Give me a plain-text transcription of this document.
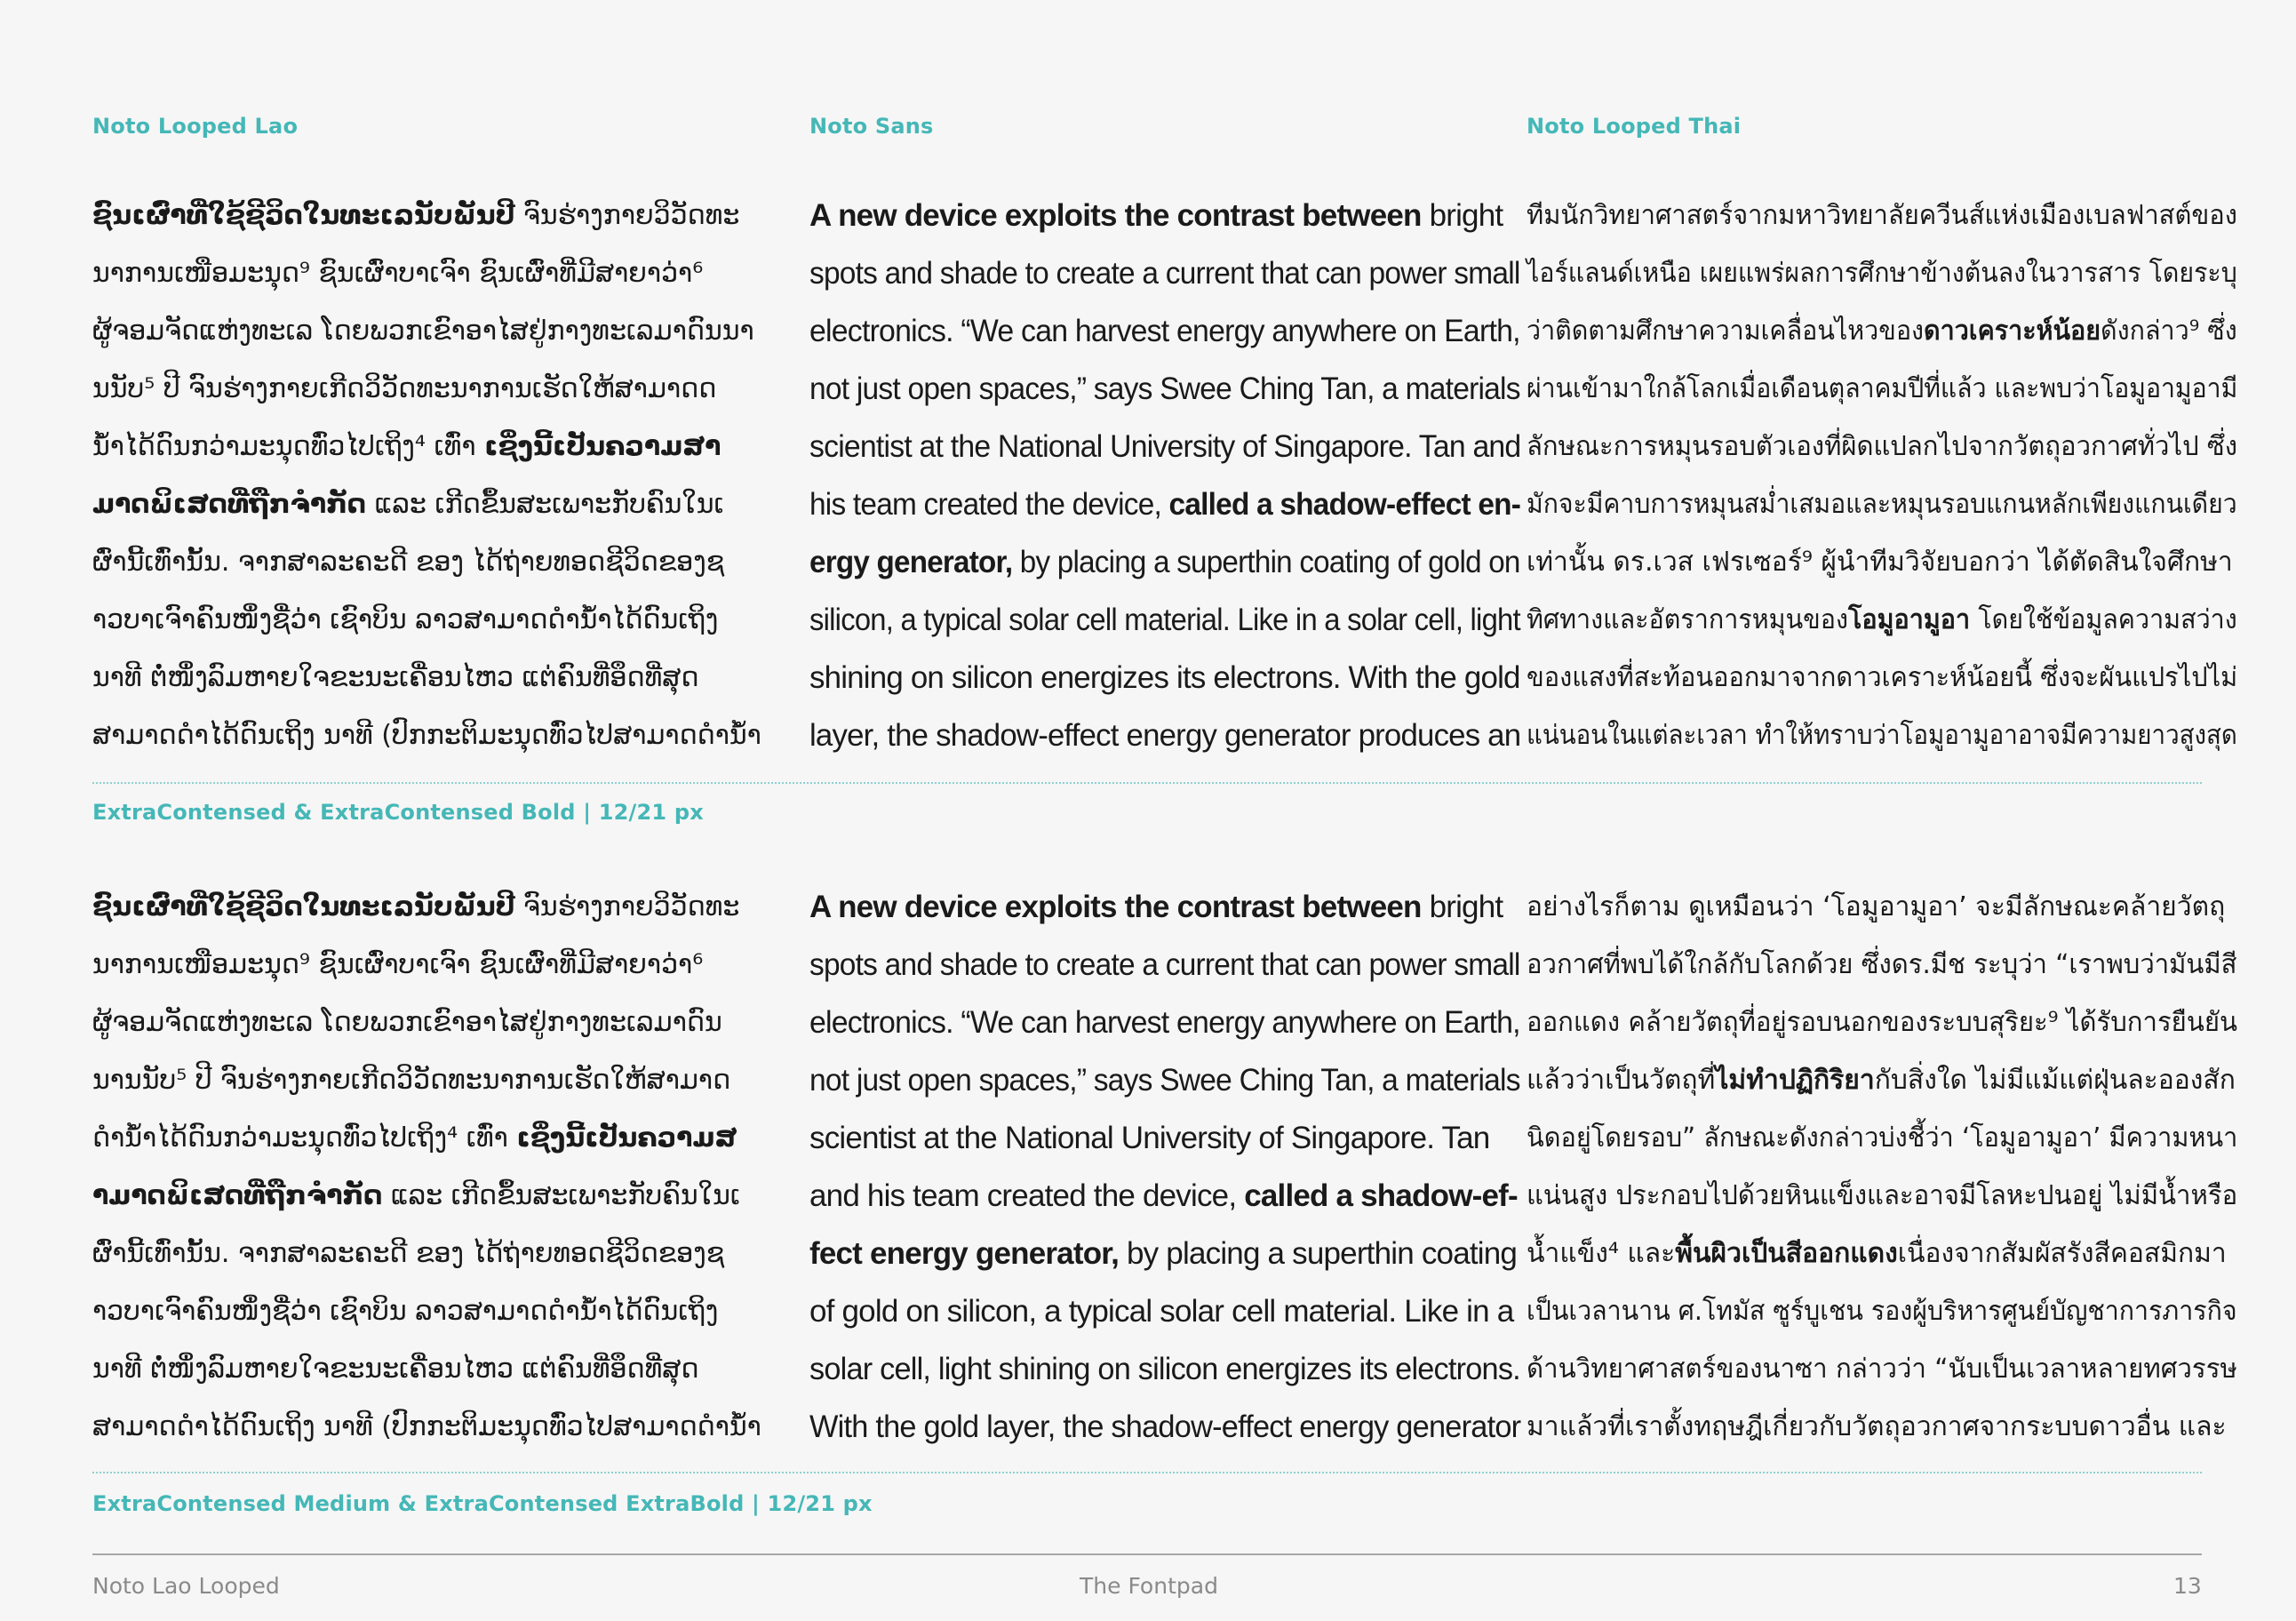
Noto Looped Lao	Noto Sans	Noto Looped Thai
ຊົນເຜົ່າທີ່ໃຊ້ຊີວິດໃນທະເລນັບພັນປີ ຈົນຮ່າງກາຍວິວັດທະ
ນາການເໜືອມະນຸດ⁹ ຊົນເຜົ່າບາເຈົາ ຊົນເຜົ່າທີ່ມີສາຍາວ່າ⁶
ຜູ້ຈອມຈັດແຫ່ງທະເລ ໂດຍພວກເຂົາອາໄສຢູ່ກາງທະເລມາດົນນາ
ນນັບ⁵ ປີ ຈົນຮ່າງກາຍເກີດວິວັດທະນາການເຮັດໃຫ້ສາມາດດ
ນໍ້າໄດ້ດົນກວ່າມະນຸດທົ່ວໄປເຖິງ⁴ ເທົ່າ ເຊິ່ງນີ້ເປັນຄວາມສາ
ມາດພິເສດທີ່ຖືກຈຳກັດ ແລະ ເກີດຂຶ້ນສະເພາະກັບຄົນໃນເ
ຜົ່ານີ້ເທົ່ານັ້ນ. ຈາກສາລະຄະດີ ຂອງ ໄດ້ຖ່າຍທອດຊີວິດຂອງຊ
າວບາເຈົາຄົນໜຶ່ງຊື່ວ່າ ເຊົາບິນ ລາວສາມາດດຳນໍ້າໄດ້ດົນເຖິງ
ນາທີ ຕໍ່ໜຶ່ງລົມຫາຍໃຈຂະນະເຄື່ອນໄຫວ ແຕ່ຄົນທີ່ອຶດທີ່ສຸດ
ສາມາດດຳໄດ້ດົນເຖິງ ນາທີ (ປົກກະຕິມະນຸດທົ່ວໄປສາມາດດຳນໍ້າ
A new device exploits the contrast between bright
spots and shade to create a current that can power small
electronics. “We can harvest energy anywhere on Earth,
not just open spaces,” says Swee Ching Tan, a materials
scientist at the National University of Singapore. Tan and
his team created the device, called a shadow-effect en-
ergy generator, by placing a superthin coating of gold on
silicon, a typical solar cell material. Like in a solar cell, light
shining on silicon energizes its electrons. With the gold
layer, the shadow-effect energy generator produces an
ทีมนักวิทยาศาสตร์จากมหาวิทยาลัยควีนส์แห่งเมืองเบลฟาสต์ของ
ไอร์แลนด์เหนือ เผยแพร่ผลการศึกษาข้างต้นลงในวารสาร โดยระบุ
ว่าติดตามศึกษาความเคลื่อนไหวของดาวเคราะห์น้อยดังกล่าว⁹ ซึ่ง
ผ่านเข้ามาใกล้โลกเมื่อเดือนตุลาคมปีที่แล้ว และพบว่าโอมูอามูอามี
ลักษณะการหมุนรอบตัวเองที่ผิดแปลกไปจากวัตถุอวกาศทั่วไป ซึ่ง
มักจะมีคาบการหมุนสม่ำเสมอและหมุนรอบแกนหลักเพียงแกนเดียว
เท่านั้น ดร.เวส เฟรเซอร์⁹ ผู้นำทีมวิจัยบอกว่า ได้ตัดสินใจศึกษา
ทิศทางและอัตราการหมุนของโอมูอามูอา โดยใช้ข้อมูลความสว่าง
ของแสงที่สะท้อนออกมาจากดาวเคราะห์น้อยนี้ ซึ่งจะผันแปรไปไม่
แน่นอนในแต่ละเวลา ทำให้ทราบว่าโอมูอามูอาอาจมีความยาวสูงสุด
ExtraContensed & ExtraContensed Bold | 12/21 px
ຊົນເຜົ່າທີ່ໃຊ້ຊີວິດໃນທະເລນັບພັນປີ ຈົນຮ່າງກາຍວິວັດທະ
ນາການເໜືອມະນຸດ⁹ ຊົນເຜົ່າບາເຈົາ ຊົນເຜົ່າທີ່ມີສາຍາວ່າ⁶
ຜູ້ຈອມຈັດແຫ່ງທະເລ ໂດຍພວກເຂົາອາໄສຢູ່ກາງທະເລມາດົນ
ນານນັບ⁵ ປີ ຈົນຮ່າງກາຍເກີດວິວັດທະນາການເຮັດໃຫ້ສາມາດ
ດຳນໍ້າໄດ້ດົນກວ່າມະນຸດທົ່ວໄປເຖິງ⁴ ເທົ່າ ເຊິ່ງນີ້ເປັນຄວາມສ
າມາດພິເສດທີ່ຖືກຈຳກັດ ແລະ ເກີດຂຶ້ນສະເພາະກັບຄົນໃນເ
ຜົ່ານີ້ເທົ່ານັ້ນ. ຈາກສາລະຄະດີ ຂອງ ໄດ້ຖ່າຍທອດຊີວິດຂອງຊ
າວບາເຈົາຄົນໜຶ່ງຊື່ວ່າ ເຊົາບິນ ລາວສາມາດດຳນໍ້າໄດ້ດົນເຖິງ
ນາທີ ຕໍ່ໜຶ່ງລົມຫາຍໃຈຂະນະເຄື່ອນໄຫວ ແຕ່ຄົນທີ່ອຶດທີ່ສຸດ
ສາມາດດຳໄດ້ດົນເຖິງ ນາທີ (ປົກກະຕິມະນຸດທົ່ວໄປສາມາດດຳນໍ້າ
A new device exploits the contrast between bright
spots and shade to create a current that can power small
electronics. “We can harvest energy anywhere on Earth,
not just open spaces,” says Swee Ching Tan, a materials
scientist at the National University of Singapore. Tan
and his team created the device, called a shadow-ef-
fect energy generator, by placing a superthin coating
of gold on silicon, a typical solar cell material. Like in a
solar cell, light shining on silicon energizes its electrons.
With the gold layer, the shadow-effect energy generator
อย่างไรก็ตาม ดูเหมือนว่า ‘โอมูอามูอา’ จะมีลักษณะคล้ายวัตถุ
อวกาศที่พบได้ใกล้กับโลกด้วย ซึ่งดร.มีช ระบุว่า “เราพบว่ามันมีสี
ออกแดง คล้ายวัตถุที่อยู่รอบนอกของระบบสุริยะ⁹ ได้รับการยืนยัน
แล้วว่าเป็นวัตถุที่ไม่ทำปฏิกิริยากับสิ่งใด ไม่มีแม้แต่ฝุ่นละอองสัก
นิดอยู่โดยรอบ” ลักษณะดังกล่าวบ่งชี้ว่า ‘โอมูอามูอา’ มีความหนา
แน่นสูง ประกอบไปด้วยหินแข็งและอาจมีโลหะปนอยู่ ไม่มีน้ำหรือ
น้ำแข็ง⁴ และพื้นผิวเป็นสีออกแดงเนื่องจากสัมผัสรังสีคอสมิกมา
เป็นเวลานาน ศ.โทมัส ซูร์บูเชน รองผู้บริหารศูนย์บัญชาการภารกิจ
ด้านวิทยาศาสตร์ของนาซา กล่าวว่า “นับเป็นเวลาหลายทศวรรษ
มาแล้วที่เราตั้งทฤษฎีเกี่ยวกับวัตถุอวกาศจากระบบดาวอื่น และ
ExtraContensed Medium & ExtraContensed ExtraBold | 12/21 px
Noto Lao Looped	The Fontpad	13
